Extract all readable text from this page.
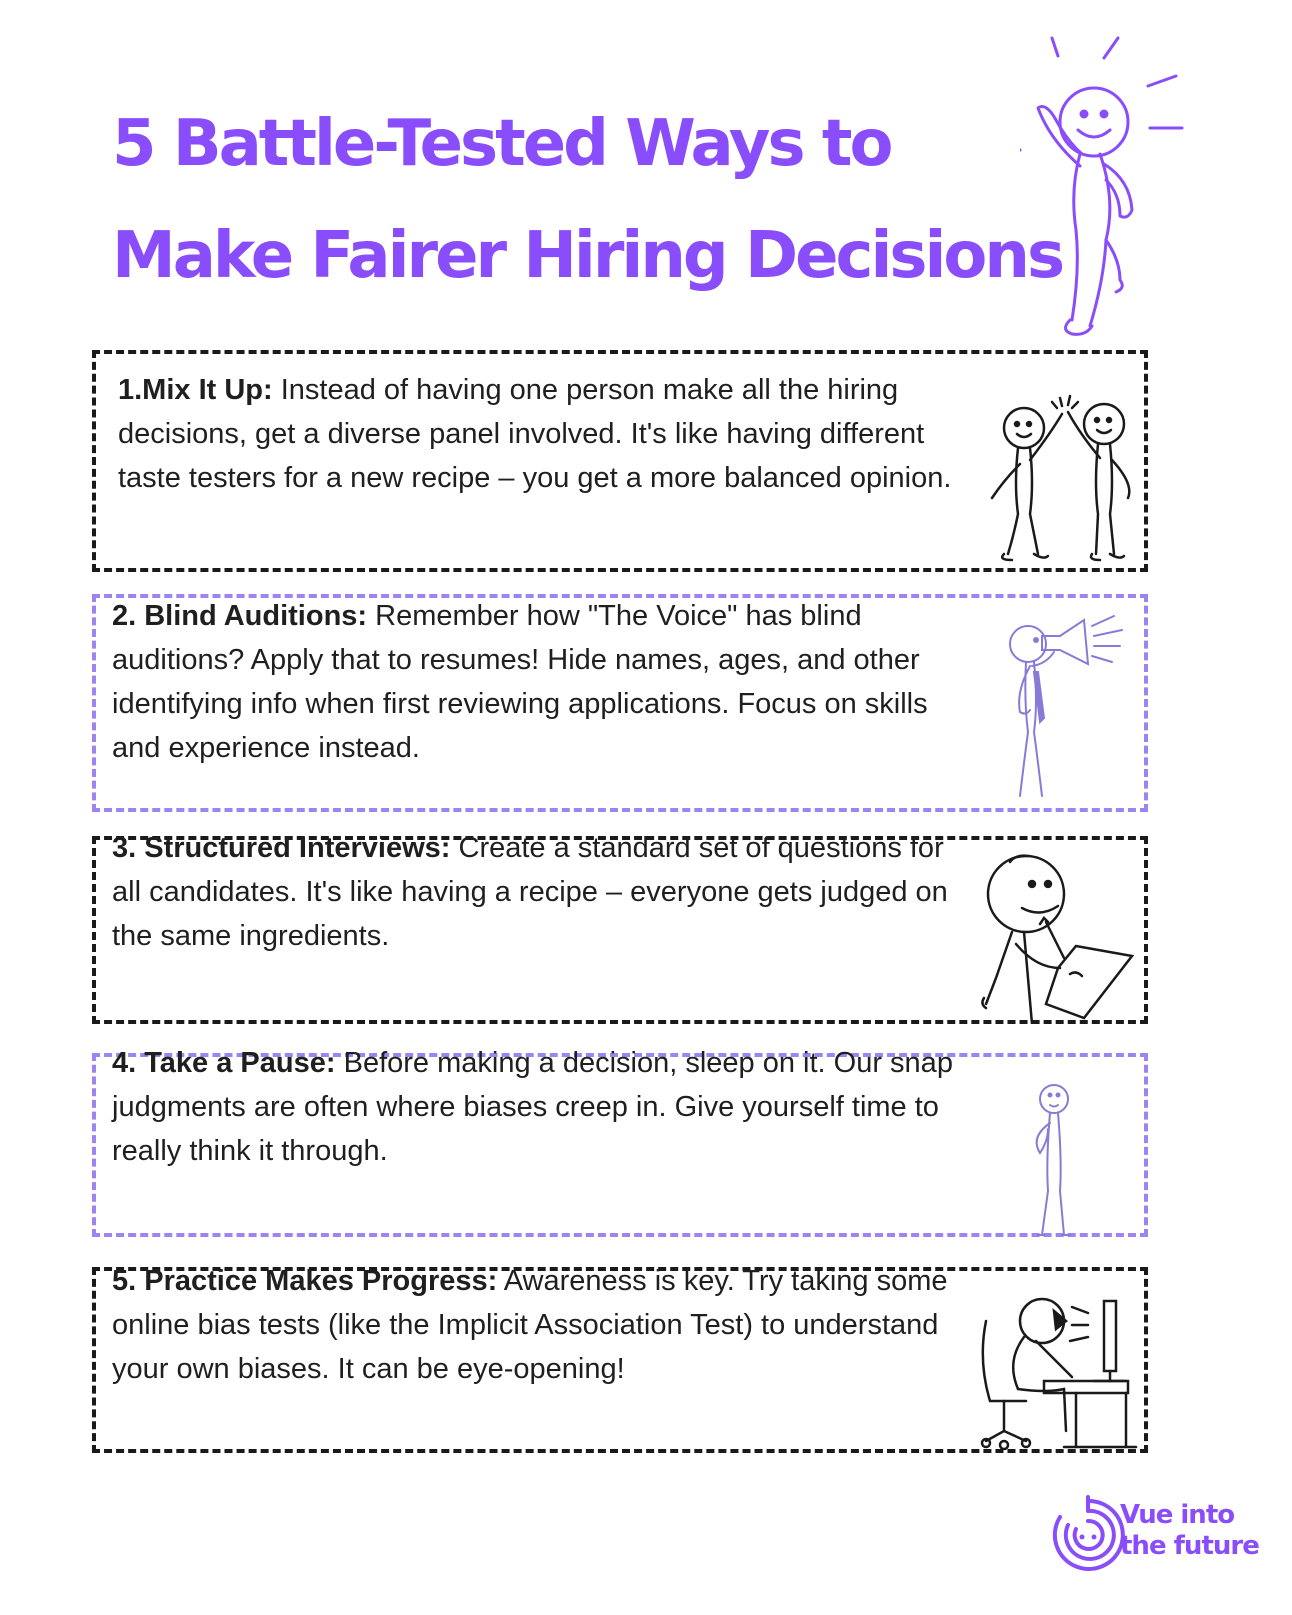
5 Battle-Tested Ways to
Make Fairer Hiring Decisions

1.Mix It Up: Instead of having one person make all the hiring decisions, get a diverse panel involved. It's like having different taste testers for a new recipe – you get a more balanced opinion.

2. Blind Auditions: Remember how "The Voice" has blind auditions? Apply that to resumes! Hide names, ages, and other identifying info when first reviewing applications. Focus on skills and experience instead.

3. Structured Interviews: Create a standard set of questions for all candidates. It's like having a recipe – everyone gets judged on the same ingredients.

4. Take a Pause: Before making a decision, sleep on it. Our snap judgments are often where biases creep in. Give yourself time to really think it through.

5. Practice Makes Progress: Awareness is key. Try taking some online bias tests (like the Implicit Association Test) to understand your own biases. It can be eye-opening!

Vue into
the future
